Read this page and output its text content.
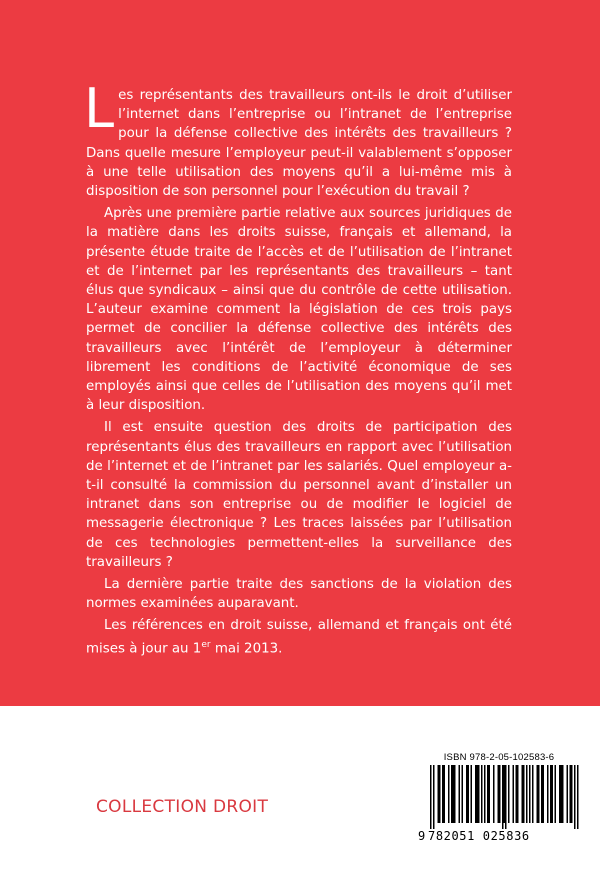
Les représentants des travailleurs ont-ils le droit d’utiliser l’internet dans l’entreprise ou l’intranet de l’entreprise pour la défense collective des intérêts des travailleurs ? Dans quelle mesure l’employeur peut-il valablement s’opposer à une telle utilisation des moyens qu’il a lui-même mis à disposition de son personnel pour l’exécution du travail ?

Après une première partie relative aux sources juridiques de la matière dans les droits suisse, français et allemand, la présente étude traite de l’accès et de l’utilisation de l’intranet et de l’internet par les représentants des travailleurs – tant élus que syndicaux – ainsi que du contrôle de cette utilisation. L’auteur examine comment la législation de ces trois pays permet de concilier la défense collective des intérêts des travailleurs avec l’intérêt de l’employeur à déterminer librement les conditions de l’activité économique de ses employés ainsi que celles de l’utilisation des moyens qu’il met à leur disposition.

Il est ensuite question des droits de participation des représentants élus des travailleurs en rapport avec l’utilisation de l’internet et de l’intranet par les salariés. Quel employeur a-t-il consulté la commission du personnel avant d’installer un intranet dans son entreprise ou de modifier le logiciel de messagerie électronique ? Les traces laissées par l’utilisation de ces technologies permettent-elles la surveillance des travailleurs ?

La dernière partie traite des sanctions de la violation des normes examinées auparavant.

Les références en droit suisse, allemand et français ont été mises à jour au 1er mai 2013.

COLLECTION DROIT
ISBN 978-2-05-102583-6
9 782051 025836
